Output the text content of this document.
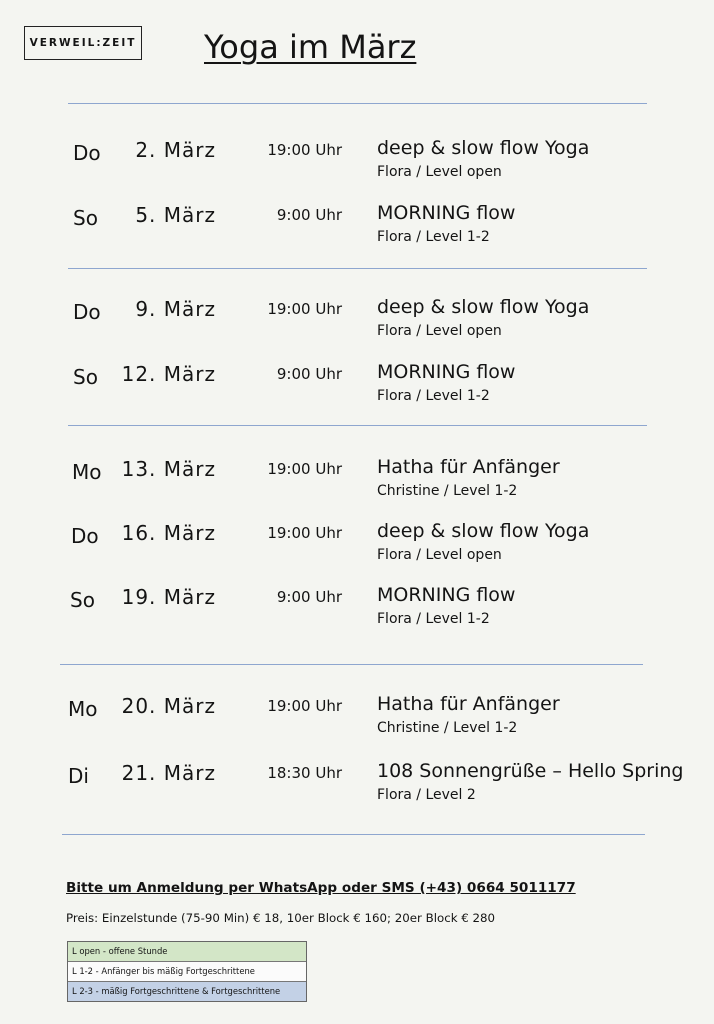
VERWEIL:ZEIT Yoga im März
Do	2. März	19:00 Uhr deep & slow flow Yoga
Flora / Level open
So	5. März	9:00 Uhr MORNING flow
Flora / Level 1-2
Do	9. März	19:00 Uhr deep & slow flow Yoga
Flora / Level open
So	12. März	9:00 Uhr MORNING flow
Flora / Level 1-2
Mo	13. März	19:00 Uhr Hatha für Anfänger
Christine / Level 1-2
Do	16. März	19:00 Uhr deep & slow flow Yoga
Flora / Level open
So	19. März	9:00 Uhr MORNING flow
Flora / Level 1-2
Mo	20. März	19:00 Uhr Hatha für Anfänger
Christine / Level 1-2
Di	21. März	18:30 Uhr 108 Sonnengrüße – Hello Spring
Flora / Level 2
Bitte um Anmeldung per WhatsApp oder SMS (+43) 0664 5011177
Preis: Einzelstunde (75-90 Min) € 18, 10er Block € 160; 20er Block € 280
L open - offene Stunde
L 1-2 - Anfänger bis mäßig Fortgeschrittene
L 2-3 - mäßig Fortgeschrittene & Fortgeschrittene
